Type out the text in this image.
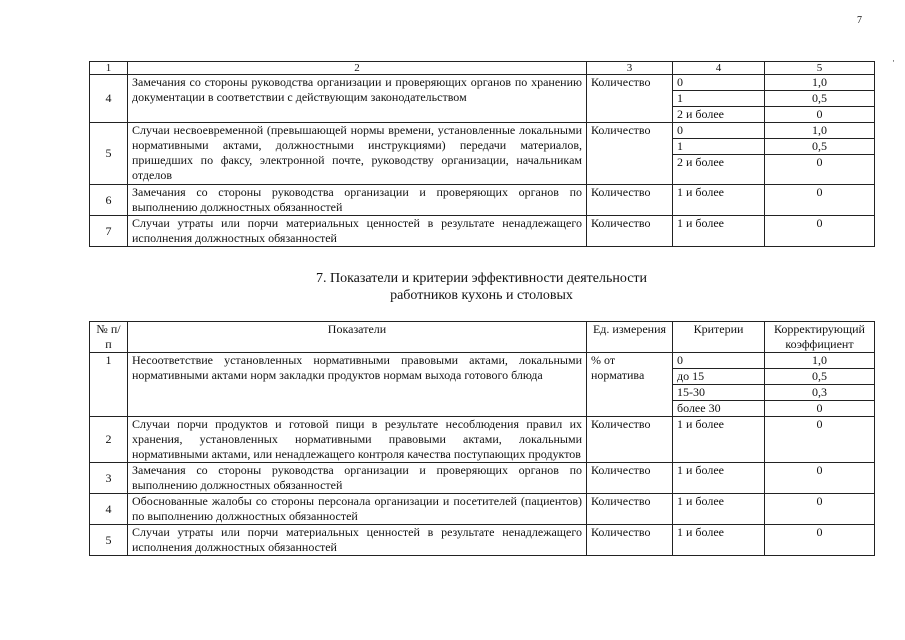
7
·
1	2	3	4	5
4	Замечания со стороны руководства организации и проверяющих органов по хранению документации в соответствии с действующим законодательством	Количество	0	1,0
			1	0,5
			2 и более	0
5	Случаи несвоевременной (превышающей нормы времени, установленные локальными нормативными актами, должностными инструкциями) передачи материалов, пришедших по факсу, электронной почте, руководству организации, начальникам отделов	Количество	0	1,0
			1	0,5
			2 и более	0
6	Замечания со стороны руководства организации и проверяющих органов по выполнению должностных обязанностей	Количество	1 и более	0
7	Случаи утраты или порчи материальных ценностей в результате ненадлежащего исполнения должностных обязанностей	Количество	1 и более	0
7. Показатели и критерии эффективности деятельности
работников кухонь и столовых
№ п/п	Показатели	Ед. измерения	Критерии	Корректирующий коэффициент
1	Несоответствие установленных нормативными правовыми актами, локальными нормативными актами норм закладки продуктов нормам выхода готового блюда	% от норматива	0	1,0
			до 15	0,5
			15-30	0,3
			более 30	0
2	Случаи порчи продуктов и готовой пищи в результате несоблюдения правил их хранения, установленных нормативными правовыми актами, локальными нормативными актами, или ненадлежащего контроля качества поступающих продуктов	Количество	1 и более	0
3	Замечания со стороны руководства организации и проверяющих органов по выполнению должностных обязанностей	Количество	1 и более	0
4	Обоснованные жалобы со стороны персонала организации и посетителей (пациентов) по выполнению должностных обязанностей	Количество	1 и более	0
5	Случаи утраты или порчи материальных ценностей в результате ненадлежащего исполнения должностных обязанностей	Количество	1 и более	0
